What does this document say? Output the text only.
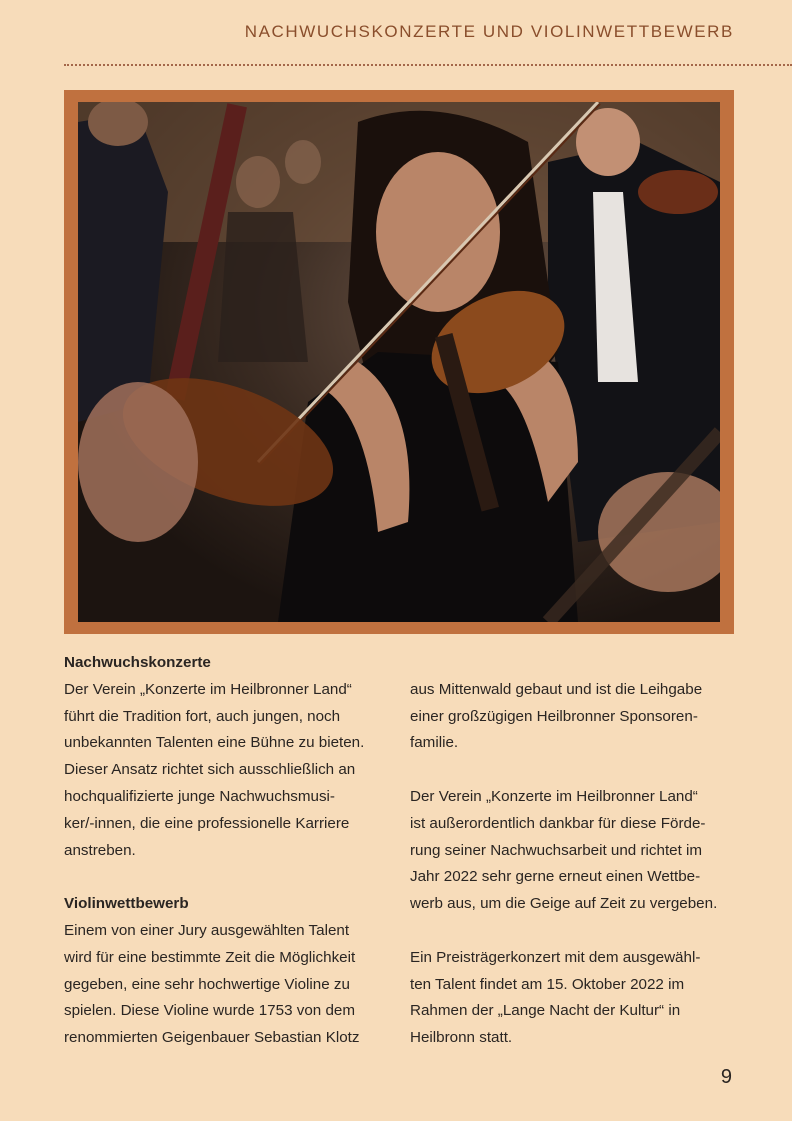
NACHWUCHSKONZERTE UND VIOLINWETTBEWERB
Nachwuchskonzerte
Der Verein „Konzerte im Heilbronner Land“
führt die Tradition fort, auch jungen, noch
unbekannten Talenten eine Bühne zu bieten.
Dieser Ansatz richtet sich ausschließlich an
hochqualifizierte junge Nachwuchsmusi-
ker/-innen, die eine professionelle Karriere
anstreben.
Violinwettbewerb
Einem von einer Jury ausgewählten Talent
wird für eine bestimmte Zeit die Möglichkeit
gegeben, eine sehr hochwertige Violine zu
spielen. Diese Violine wurde 1753 von dem
renommierten Geigenbauer Sebastian Klotz
aus Mittenwald gebaut und ist die Leihgabe
einer großzügigen Heilbronner Sponsoren-
familie.
Der Verein „Konzerte im Heilbronner Land“
ist außerordentlich dankbar für diese Förde-
rung seiner Nachwuchsarbeit und richtet im
Jahr 2022 sehr gerne erneut einen Wettbe-
werb aus, um die Geige auf Zeit zu vergeben.
Ein Preisträgerkonzert mit dem ausgewähl-
ten Talent findet am 15. Oktober 2022 im
Rahmen der „Lange Nacht der Kultur“ in
Heilbronn statt.
9
